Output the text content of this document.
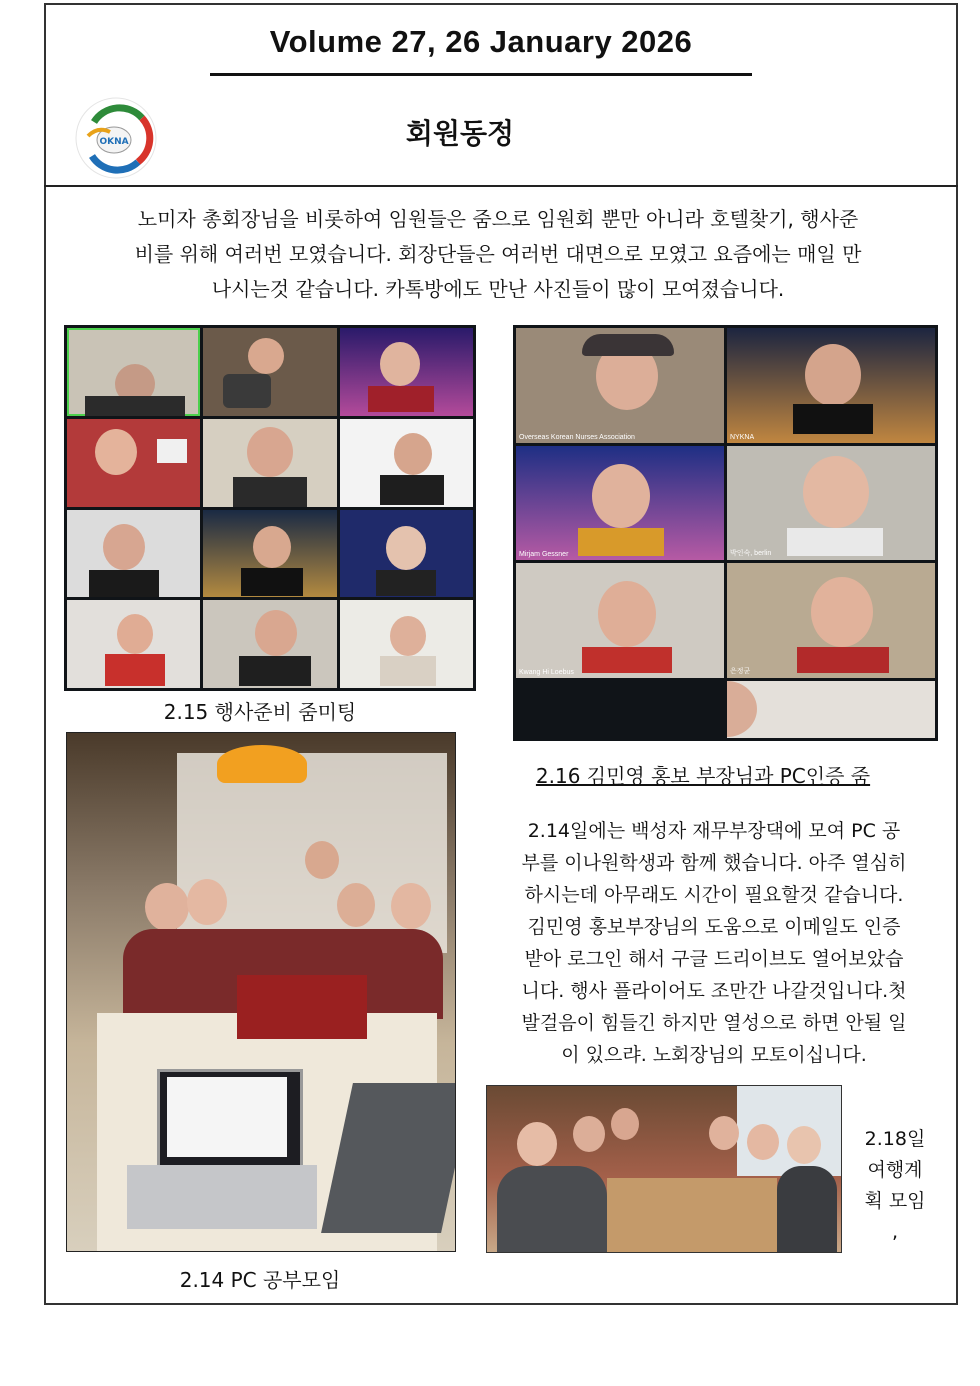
Volume 27, 26 January 2026
OKNA	회원동정
노미자 총회장님을 비롯하여 임원들은 줌으로 임원회 뿐만 아니라 호텔찾기, 행사준
비를 위해 여러번 모였습니다. 회장단들은 여러번 대면으로 모였고 요즘에는 매일 만
나시는것 같습니다. 카톡방에도 만난 사진들이 많이 모여졌습니다.
2.15 행사준비 줌미팅
Overseas Korean Nurses Association	NYKNA
Mirjam Gessner	박인숙, berlin
Kwang Hi Loebus	은정균
2.16 김민영 홍보 부장님과 PC인증 줌
2.14 PC 공부모임
2.14일에는 백성자 재무부장댁에 모여 PC 공
부를 이나원학생과 함께 했습니다. 아주 열심히
하시는데 아무래도 시간이 필요할것 같습니다.
김민영 홍보부장님의 도움으로 이메일도 인증
받아 로그인 해서 구글 드리이브도 열어보았습
니다. 행사 플라이어도 조만간 나갈것입니다.첫
발걸음이 힘들긴 하지만 열성으로 하면 안될 일
이 있으랴. 노회장님의 모토이십니다.
2.18일
여행계
획 모임
,
